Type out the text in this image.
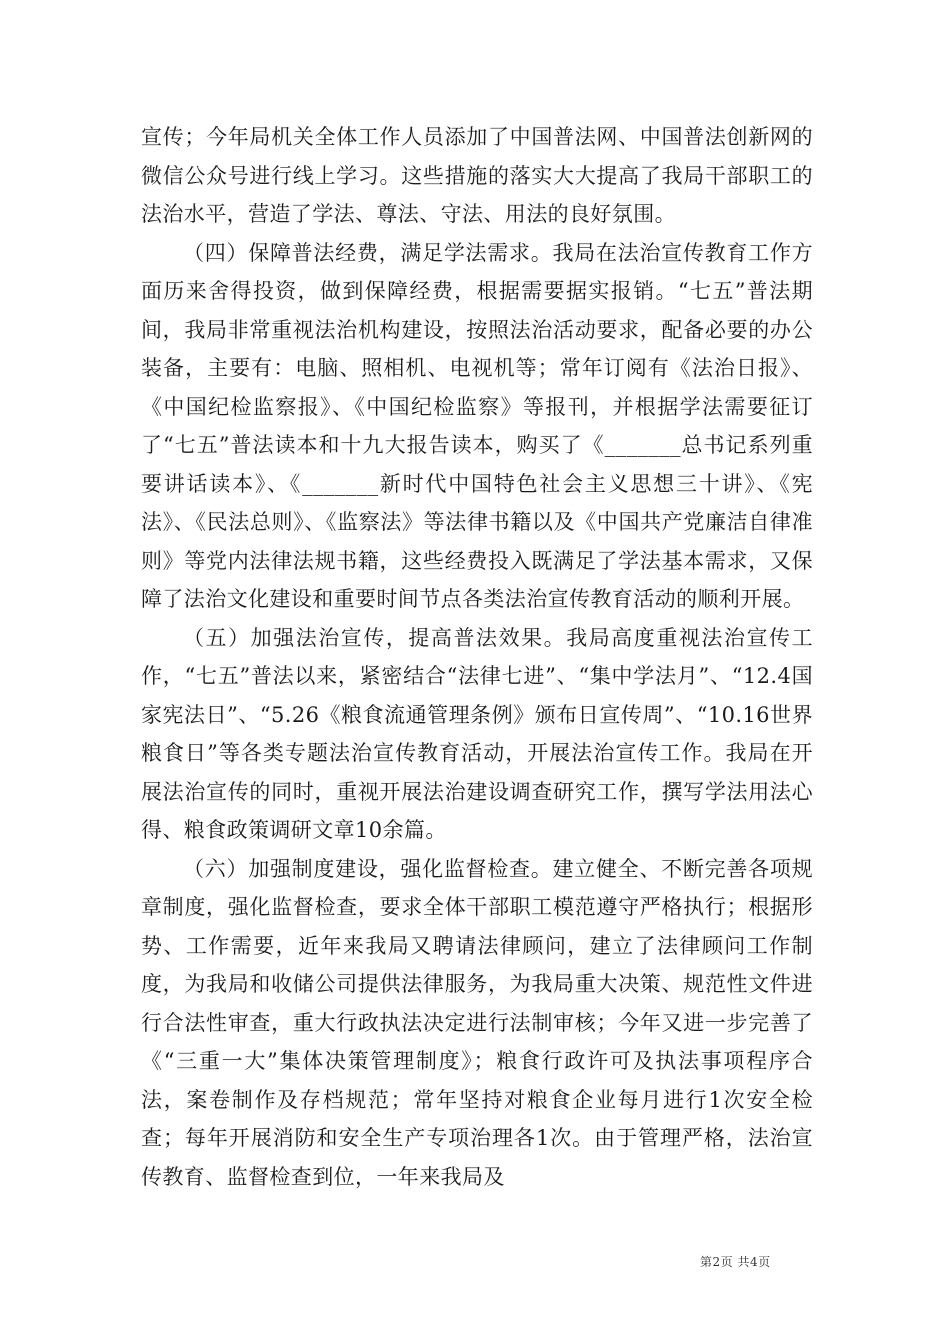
宣传；今年局机关全体工作人员添加了中国普法网、中国普法创新网的微信公众号进行线上学习。这些措施的落实大大提高了我局干部职工的法治水平，营造了学法、尊法、守法、用法的良好氛围。

（四）保障普法经费，满足学法需求。我局在法治宣传教育工作方面历来舍得投资，做到保障经费，根据需要据实报销。“七五”普法期间，我局非常重视法治机构建设，按照法治活动要求，配备必要的办公装备，主要有：电脑、照相机、电视机等；常年订阅有《法治日报》、《中国纪检监察报》、《中国纪检监察》等报刊，并根据学法需要征订了“七五”普法读本和十九大报告读本，购买了《_______总书记系列重要讲话读本》、《_______新时代中国特色社会主义思想三十讲》、《宪法》、《民法总则》、《监察法》等法律书籍以及《中国共产党廉洁自律准则》等党内法律法规书籍，这些经费投入既满足了学法基本需求，又保障了法治文化建设和重要时间节点各类法治宣传教育活动的顺利开展。

（五）加强法治宣传，提高普法效果。我局高度重视法治宣传工作，“七五”普法以来，紧密结合“法律七进”、“集中学法月”、“12.4国家宪法日”、“5.26《粮食流通管理条例》颁布日宣传周”、“10.16世界粮食日”等各类专题法治宣传教育活动，开展法治宣传工作。我局在开展法治宣传的同时，重视开展法治建设调查研究工作，撰写学法用法心得、粮食政策调研文章10余篇。

（六）加强制度建设，强化监督检查。建立健全、不断完善各项规章制度，强化监督检查，要求全体干部职工模范遵守严格执行；根据形势、工作需要，近年来我局又聘请法律顾问，建立了法律顾问工作制度，为我局和收储公司提供法律服务，为我局重大决策、规范性文件进行合法性审查，重大行政执法决定进行法制审核；今年又进一步完善了《“三重一大”集体决策管理制度》；粮食行政许可及执法事项程序合法，案卷制作及存档规范；常年坚持对粮食企业每月进行1次安全检查；每年开展消防和安全生产专项治理各1次。由于管理严格，法治宣传教育、监督检查到位，一年来我局及

第2页 共4页
